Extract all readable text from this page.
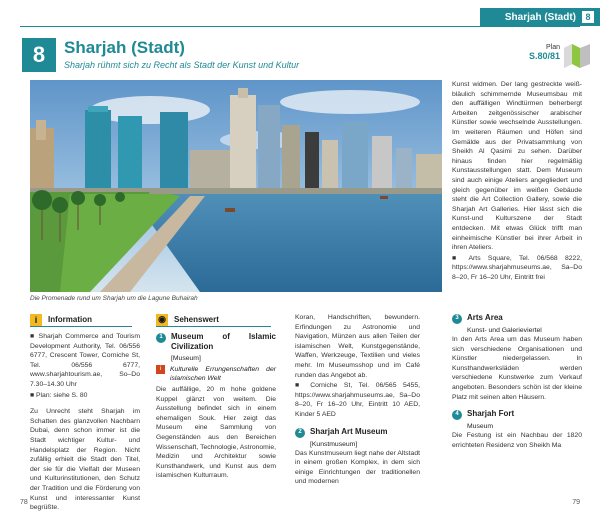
Sharjah (Stadt)	8
8	Sharjah (Stadt)
Sharjah rühmt sich zu Recht als Stadt der Kunst und Kultur
Plan
S.80/81
Die Promenade rund um Sharjah um die Lagune Buhairah

Kunst widmen. Der lang gestreckte weiß-bläulich schimmernde Museumsbau mit den auffälligen Windtürmen beherbergt Arbeiten zeitgenössischer arabischer Künstler sowie wechselnde Ausstellungen. Im weiteren Räumen und Höfen sind Gemälde aus der Privatsammlung von Sheikh Al Qasimi zu sehen. Darüber hinaus finden hier regelmäßig Kunstausstellungen statt. Dem Museum sind auch einige Ateliers angegliedert und gleich gegenüber im weißen Gebäude steht die Art Collection Gallery, sowie die Sharjah Art Galleries. Hier lässt sich die Kunst-und Kulturszene der Stadt entdecken. Mit etwas Glück trifft man einheimische Künstler bei ihrer Arbeit in ihren Ateliers.

■ Arts Square, Tel. 06/568 8222, https://www.sharjahmuseums.ae, Sa–Do 8–20, Fr 16–20 Uhr, Eintritt frei

i	Information

■ Sharjah Commerce and Tourism Development Authority, Tel. 06/556 6777, Crescent Tower, Corniche St, Tel. 06/556 6777, www.sharjahtourism.ae, So–Do 7.30–14.30 Uhr

■ Plan: siehe S. 80

Zu Unrecht steht Sharjah im Schatten des glanzvollen Nachbarn Dubai, denn schon immer ist die Stadt wichtiger Kultur- und Handelsplatz der Region. Nicht zufällig erhielt die Stadt den Titel, der sie für die Vielfalt der Museen und Kulturinstitutionen, den Schutz der Tradition und die Förderung von Kunst und interessanter Kunst begrüßte.

◉ Sehenswert
1	Museum of Islamic Civilization
[Museum]
i	Kulturelle Errungenschaften der islamischen Welt

Die auffällige, 20 m hohe goldene Kuppel glänzt von weitem. Die Ausstellung befindet sich in einem ehemaligen Souk. Hier zeigt das Museum eine Sammlung von Gegenständen aus den Bereichen Wissenschaft, Technologie, Astronomie, Medizin und Architektur sowie Kunsthandwerk, und Kunst aus dem islamischen Kulturraum.

Koran, Handschriften, bewundern. Erfindungen zu Astronomie und Navigation, Münzen aus allen Teilen der islamischen Welt, Kunstgegenstände, Waffen, Werkzeuge, Textilien und vieles mehr. Im Museumsshop und im Café runden das Angebot ab.

■ Corniche St, Tel. 06/565 5455, https://www.sharjahmuseums.ae, Sa–Do 8–20, Fr 16–20 Uhr, Eintritt 10 AED, Kinder 5 AED

2	Sharjah Art Museum
[Kunstmuseum]

Das Kunstmuseum liegt nahe der Altstadt in einem großen Komplex, in dem sich einige Einrichtungen der traditionellen und modernen

3	Arts Area
Kunst- und Galerieviertel

In den Arts Area um das Museum haben sich verschiedene Organisationen und Künstler niedergelassen. In Kunsthandwerksläden werden verschiedene Kunstwerke zum Verkauf angeboten. Besonders schön ist der kleine Platz mit seinen alten Häusern.

4	Sharjah Fort
Museum

Die Festung ist ein Nachbau der 1820 errichteten Residenz von Sheikh Ma

78	79
